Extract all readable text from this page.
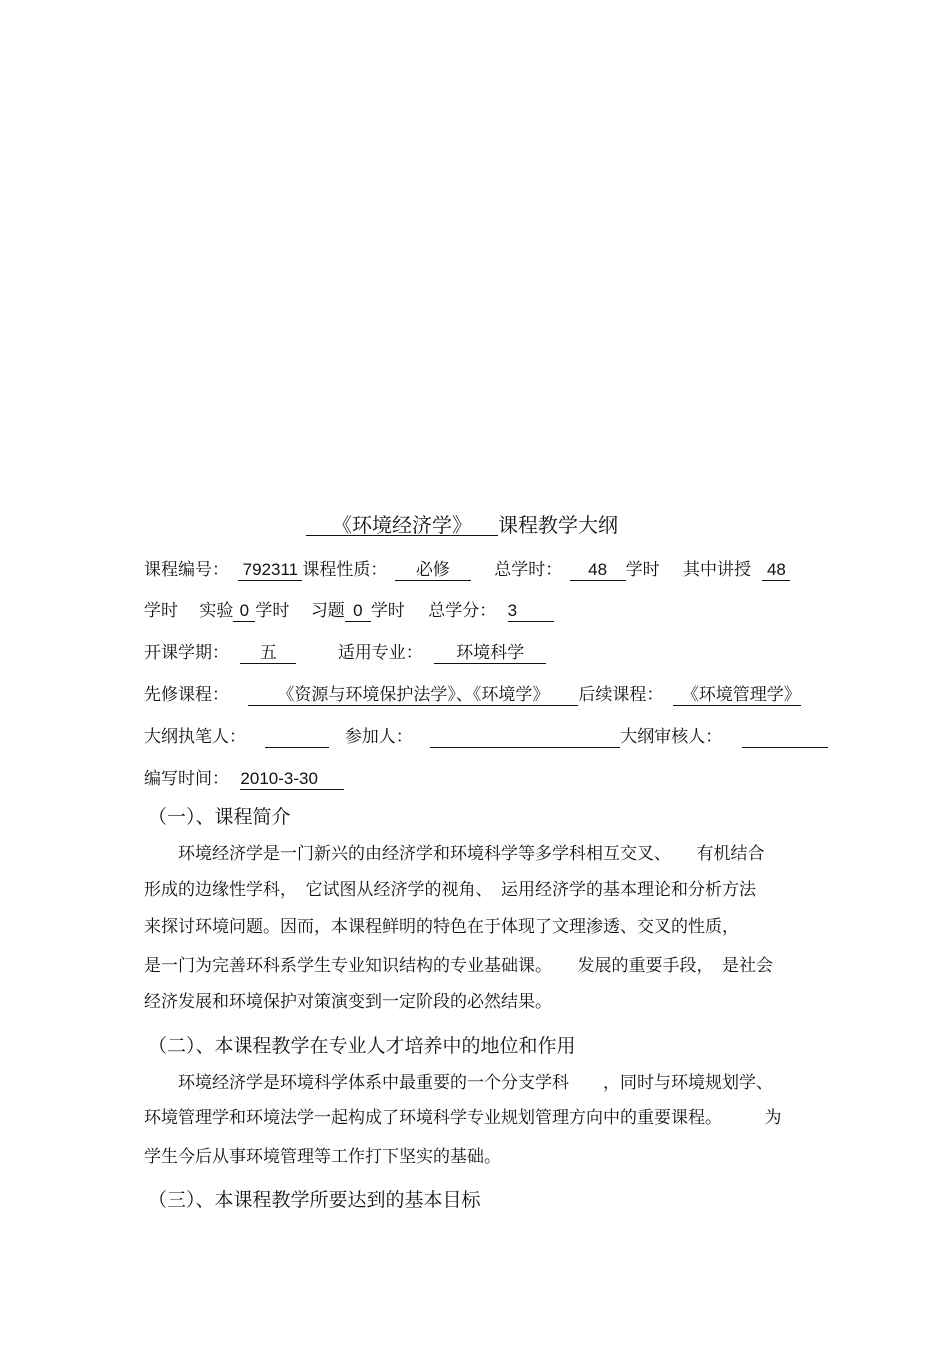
《环境经济学》 课程教学大纲
课程编号： 792311 课程性质： 必修	总学时： 48 学时 其中讲授 48
学时 实验 0 学时 习题 0 学时 总学分： 3
开课学期： 五	适用专业： 环境科学
先修课程：	《资源与环境保护法学》、《环境学》 后续课程： 《环境管理学》
大纲执笔人：	参加人：	大纲审核人：
编写时间： 2010-3-30
（一）、课程简介
环境经济学是一门新兴的由经济学和环境科学等多学科相互交叉、　　有机结合
形成的边缘性学科，　它试图从经济学的视角、　运用经济学的基本理论和分析方法
来探讨环境问题。因而，本课程鲜明的特色在于体现了文理渗透、交叉的性质，
是一门为完善环科系学生专业知识结构的专业基础课。　　发展的重要手段，　是社会
经济发展和环境保护对策演变到一定阶段的必然结果。
（二）、本课程教学在专业人才培养中的地位和作用
环境经济学是环境科学体系中最重要的一个分支学科　　，同时与环境规划学、
环境管理学和环境法学一起构成了环境科学专业规划管理方向中的重要课程。　　　为
学生今后从事环境管理等工作打下坚实的基础。
（三）、本课程教学所要达到的基本目标
